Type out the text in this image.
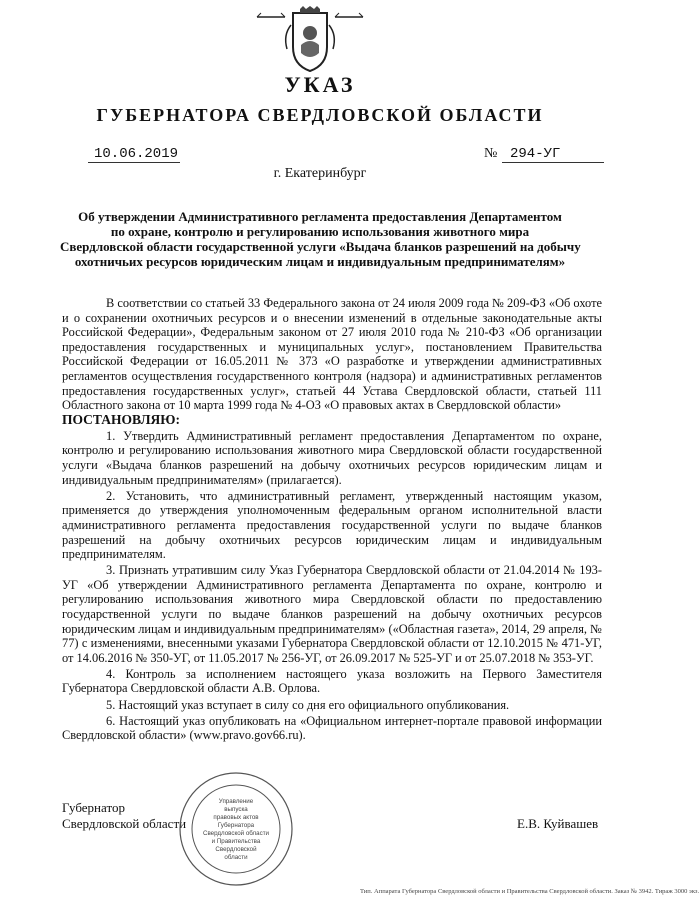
УКАЗ
ГУБЕРНАТОРА СВЕРДЛОВСКОЙ ОБЛАСТИ
10.06.2019	№ 294-УГ
г. Екатеринбург
Об утверждении Административного регламента предоставления Департаментом
по охране, контролю и регулированию использования животного мира
Свердловской области государственной услуги «Выдача бланков разрешений на добычу
охотничьих ресурсов юридическим лицам и индивидуальным предпринимателям»

В соответствии со статьей 33 Федерального закона от 24 июля 2009 года № 209-ФЗ «Об охоте и о сохранении охотничьих ресурсов и о внесении изменений в отдельные законодательные акты Российской Федерации», Федеральным законом от 27 июля 2010 года № 210-ФЗ «Об организации предоставления государственных и муниципальных услуг», постановлением Правительства Российской Федерации от 16.05.2011 № 373 «О разработке и утверждении административных регламентов осуществления государственного контроля (надзора) и административных регламентов предоставления государственных услуг», статьей 44 Устава Свердловской области, статьей 111 Областного закона от 10 марта 1999 года № 4-ОЗ «О правовых актах в Свердловской области»

ПОСТАНОВЛЯЮ:

1. Утвердить Административный регламент предоставления Департаментом по охране, контролю и регулированию использования животного мира Свердловской области государственной услуги «Выдача бланков разрешений на добычу охотничьих ресурсов юридическим лицам и индивидуальным предпринимателям» (прилагается).

2. Установить, что административный регламент, утвержденный настоящим указом, применяется до утверждения уполномоченным федеральным органом исполнительной власти административного регламента предоставления государственной услуги по выдаче бланков разрешений на добычу охотничьих ресурсов юридическим лицам и индивидуальным предпринимателям.

3. Признать утратившим силу Указ Губернатора Свердловской области от 21.04.2014 № 193-УГ «Об утверждении Административного регламента Департамента по охране, контролю и регулированию использования животного мира Свердловской области по предоставлению государственной услуги по выдаче бланков разрешений на добычу охотничьих ресурсов юридическим лицам и индивидуальным предпринимателям» («Областная газета», 2014, 29 апреля, № 77) с изменениями, внесенными указами Губернатора Свердловской области от 12.10.2015 № 471-УГ, от 14.06.2016 № 350-УГ, от 11.05.2017 № 256-УГ, от 26.09.2017 № 525-УГ и от 25.07.2018 № 353-УГ.

4. Контроль за исполнением настоящего указа возложить на Первого Заместителя Губернатора Свердловской области А.В. Орлова.

5. Настоящий указ вступает в силу со дня его официального опубликования.

6. Настоящий указ опубликовать на «Официальном интернет-портале правовой информации Свердловской области» (www.pravo.gov66.ru).

Губернатор
Свердловской области	Е.В. Куйвашев
Управление
выпуска
правовых актов
Губернатора
Свердловской области
и Правительства
Свердловской
области
Тип. Аппарата Губернатора Свердловской области и Правительства Свердловской области. Заказ № 3942. Тираж 3000 экз.
